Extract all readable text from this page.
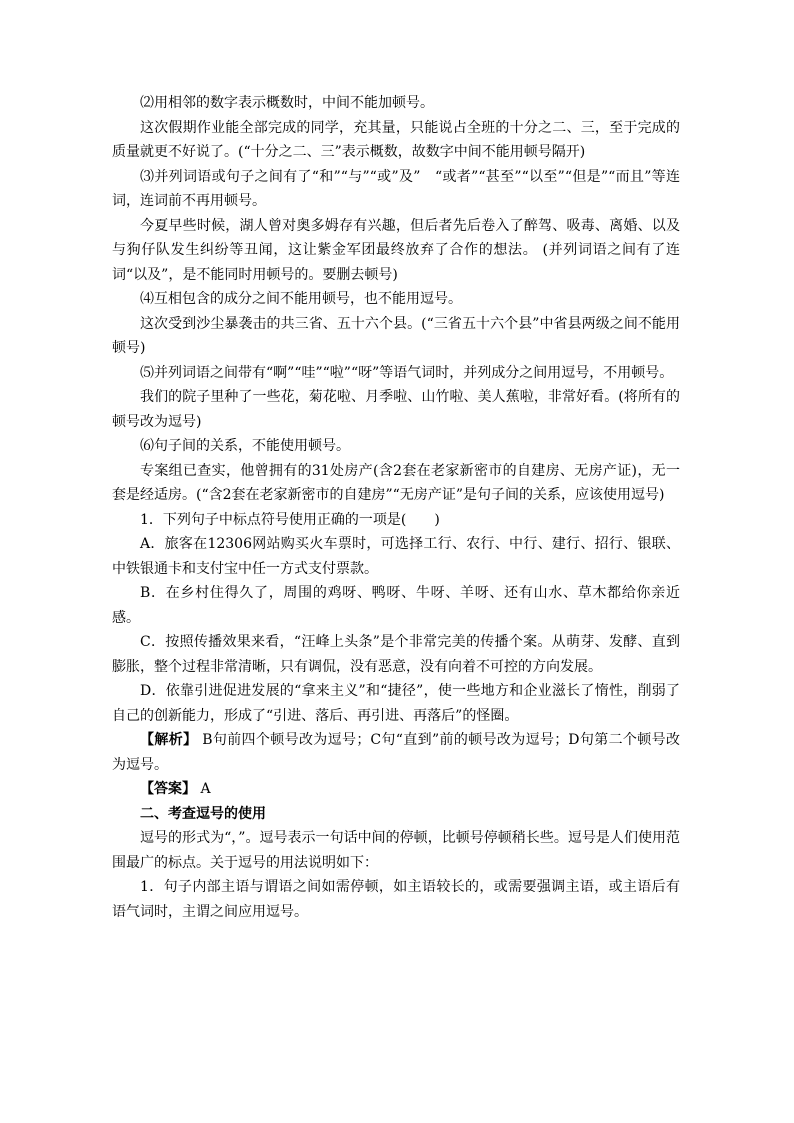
⑵用相邻的数字表示概数时，中间不能加顿号。

这次假期作业能全部完成的同学，充其量，只能说占全班的十分之二、三，至于完成的质量就更不好说了。(“十分之二、三”表示概数，故数字中间不能用顿号隔开)

⑶并列词语或句子之间有了“和”“与”“或”及”　“或者”“甚至”“以至”“但是”“而且”等连词，连词前不再用顿号。

今夏早些时候，湖人曾对奥多姆存有兴趣，但后者先后卷入了醉驾、吸毒、离婚、以及与狗仔队发生纠纷等丑闻，这让紫金军团最终放弃了合作的想法。 (并列词语之间有了连词“以及”，是不能同时用顿号的。要删去顿号)

⑷互相包含的成分之间不能用顿号，也不能用逗号。

这次受到沙尘暴袭击的共三省、五十六个县。(“三省五十六个县”中省县两级之间不能用顿号)

⑸并列词语之间带有“啊”“哇”“啦”“呀”等语气词时，并列成分之间用逗号，不用顿号。

我们的院子里种了一些花，菊花啦、月季啦、山竹啦、美人蕉啦，非常好看。(将所有的顿号改为逗号)

⑹句子间的关系，不能使用顿号。

专案组已查实，他曾拥有的31处房产(含2套在老家新密市的自建房、无房产证)，无一套是经适房。(“含2套在老家新密市的自建房”“无房产证”是句子间的关系，应该使用逗号)

1．下列句子中标点符号使用正确的一项是(　　)

A．旅客在12306网站购买火车票时，可选择工行、农行、中行、建行、招行、银联、中铁银通卡和支付宝中任一方式支付票款。

B．在乡村住得久了，周围的鸡呀、鸭呀、牛呀、羊呀、还有山水、草木都给你亲近感。

C．按照传播效果来看，“汪峰上头条”是个非常完美的传播个案。从萌芽、发酵、直到膨胀，整个过程非常清晰，只有调侃，没有恶意，没有向着不可控的方向发展。

D．依靠引进促进发展的“拿来主义”和“捷径”，使一些地方和企业滋长了惰性，削弱了自己的创新能力，形成了“引进、落后、再引进、再落后”的怪圈。

【解析】 B句前四个顿号改为逗号；C句“直到”前的顿号改为逗号；D句第二个顿号改为逗号。

【答案】 A

二、考查逗号的使用

逗号的形式为“，”。逗号表示一句话中间的停顿，比顿号停顿稍长些。逗号是人们使用范围最广的标点。关于逗号的用法说明如下：

1．句子内部主语与谓语之间如需停顿，如主语较长的，或需要强调主语，或主语后有语气词时，主谓之间应用逗号。
